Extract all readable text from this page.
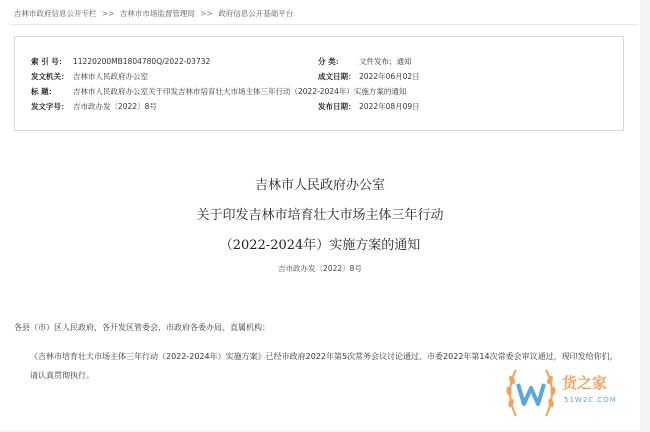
吉林市政府信息公开专栏 >> 吉林市市场监督管理局 >> 政府信息公开基础平台
索 引 号： 11220200MB1804780Q/2022-03732	分 类： 文件发布；通知
发文机关： 吉林市人民政府办公室	成文日期： 2022年06月02日
标 题： 吉林市人民政府办公室关于印发吉林市培育壮大市场主体三年行动（2022-2024年）实施方案的通知
发文字号： 吉市政办发〔2022〕8号	发布日期： 2022年08月09日
吉林市人民政府办公室
关于印发吉林市培育壮大市场主体三年行动
（2022-2024年）实施方案的通知
吉市政办发〔2022〕8号
各县（市）区人民政府，各开发区管委会，市政府各委办局、直属机构：
《吉林市培育壮大市场主体三年行动（2022-2024年）实施方案》已经市政府2022年第5次常务会议讨论通过、市委2022年第14次常委会审议通过，现印发给你们，请认真贯彻执行。	货之家
51W2C.COM
